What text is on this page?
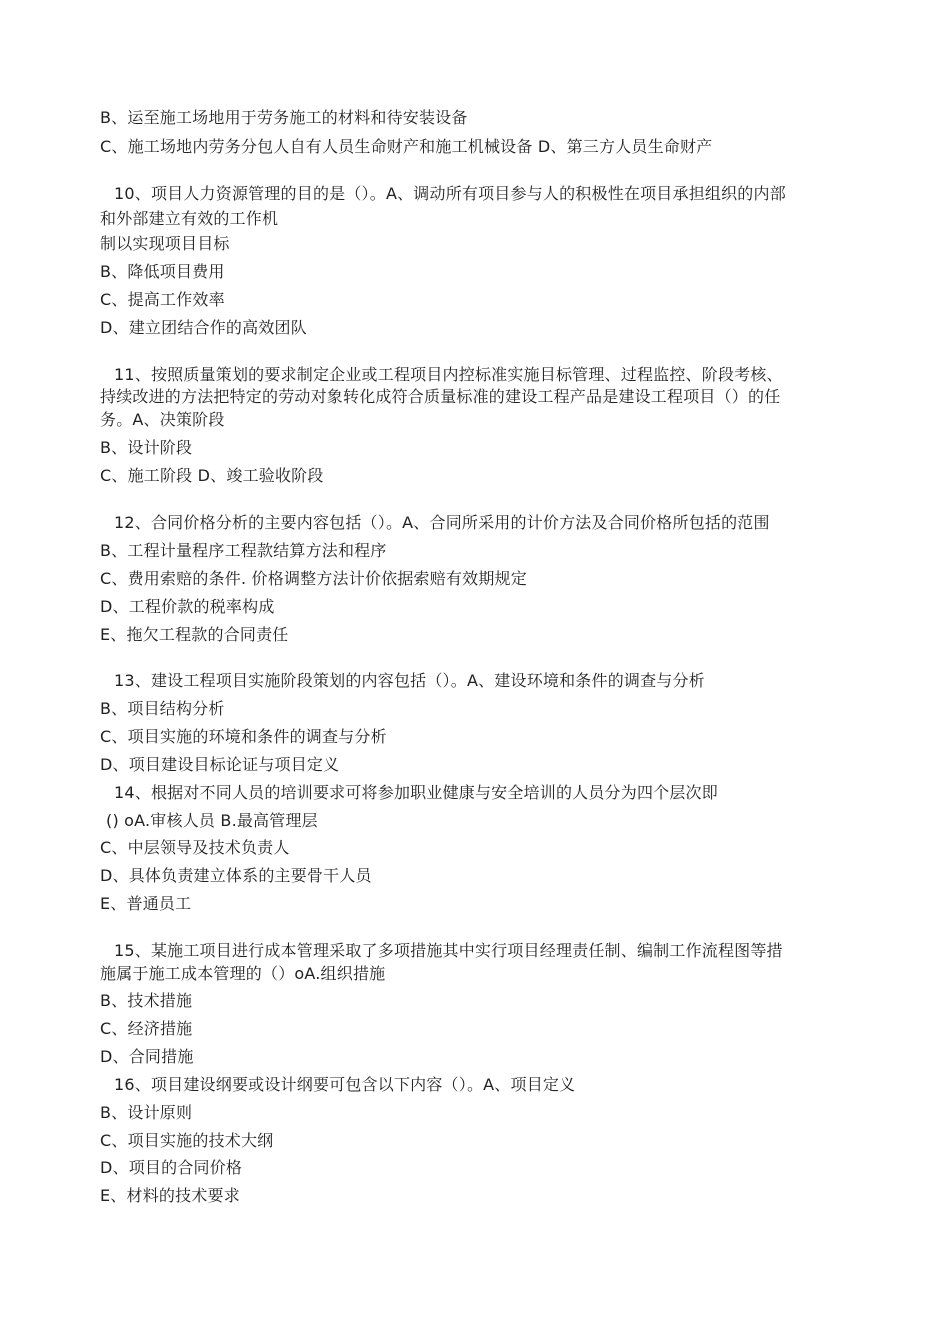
B、运至施工场地用于劳务施工的材料和待安装设备
C、施工场地内劳务分包人自有人员生命财产和施工机械设备 D、第三方人员生命财产
10、项目人力资源管理的目的是（）。A、调动所有项目参与人的积极性在项目承担组织的内部
和外部建立有效的工作机
制以实现项目目标
B、降低项目费用
C、提高工作效率
D、建立团结合作的高效团队
11、按照质量策划的要求制定企业或工程项目内控标准实施目标管理、过程监控、阶段考核、
持续改进的方法把特定的劳动对象转化成符合质量标准的建设工程产品是建设工程项目（）的任
务。A、决策阶段
B、设计阶段
C、施工阶段 D、竣工验收阶段
12、合同价格分析的主要内容包括（）。A、合同所采用的计价方法及合同价格所包括的范围
B、工程计量程序工程款结算方法和程序
C、费用索赔的条件. 价格调整方法计价依据索赔有效期规定
D、工程价款的税率构成
E、拖欠工程款的合同责任
13、建设工程项目实施阶段策划的内容包括（）。A、建设环境和条件的调查与分析
B、项目结构分析
C、项目实施的环境和条件的调查与分析
D、项目建设目标论证与项目定义
14、根据对不同人员的培训要求可将参加职业健康与安全培训的人员分为四个层次即
() oA.审核人员 B.最高管理层
C、中层领导及技术负责人
D、具体负责建立体系的主要骨干人员
E、普通员工
15、某施工项目进行成本管理采取了多项措施其中实行项目经理责任制、编制工作流程图等措
施属于施工成本管理的（）oA.组织措施
B、技术措施
C、经济措施
D、合同措施
16、项目建设纲要或设计纲要可包含以下内容（）。A、项目定义
B、设计原则
C、项目实施的技术大纲
D、项目的合同价格
E、材料的技术要求
